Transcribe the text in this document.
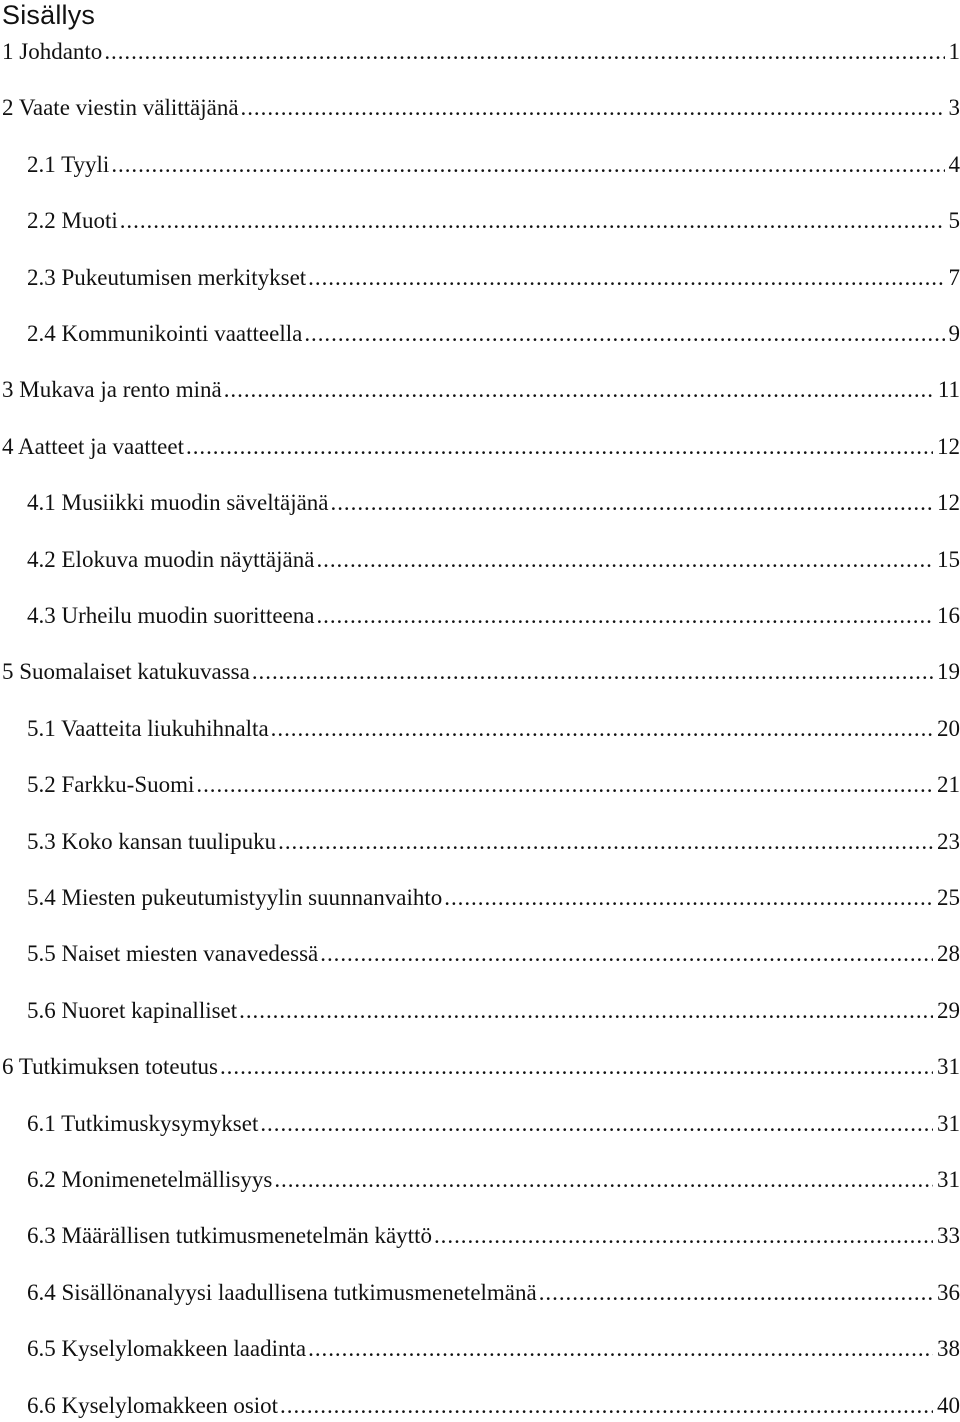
Sisällys
1 Johdanto . . .	1
2 Vaate viestin välittäjänä . . .	3
2.1 Tyyli . . .	4
2.2 Muoti . . .	5
2.3 Pukeutumisen merkitykset . . .	7
2.4 Kommunikointi vaatteella . . .	9
3 Mukava ja rento minä . . .	11
4 Aatteet ja vaatteet . . .	12
4.1 Musiikki muodin säveltäjänä . . .	12
4.2 Elokuva muodin näyttäjänä . . .	15
4.3 Urheilu muodin suoritteena . . .	16
5 Suomalaiset katukuvassa . . .	19
5.1 Vaatteita liukuhihnalta . . .	20
5.2 Farkku-Suomi . . .	21
5.3 Koko kansan tuulipuku . . .	23
5.4 Miesten pukeutumistyylin suunnanvaihto . . .	25
5.5 Naiset miesten vanavedessä . . .	28
5.6 Nuoret kapinalliset . . .	29
6 Tutkimuksen toteutus . . .	31
6.1 Tutkimuskysymykset . . .	31
6.2 Monimenetelmällisyys . . .	31
6.3 Määrällisen tutkimusmenetelmän käyttö . . .	33
6.4 Sisällönanalyysi laadullisena tutkimusmenetelmänä . . .	36
6.5 Kyselylomakkeen laadinta . . .	38
6.6 Kyselylomakkeen osiot . . .	40
